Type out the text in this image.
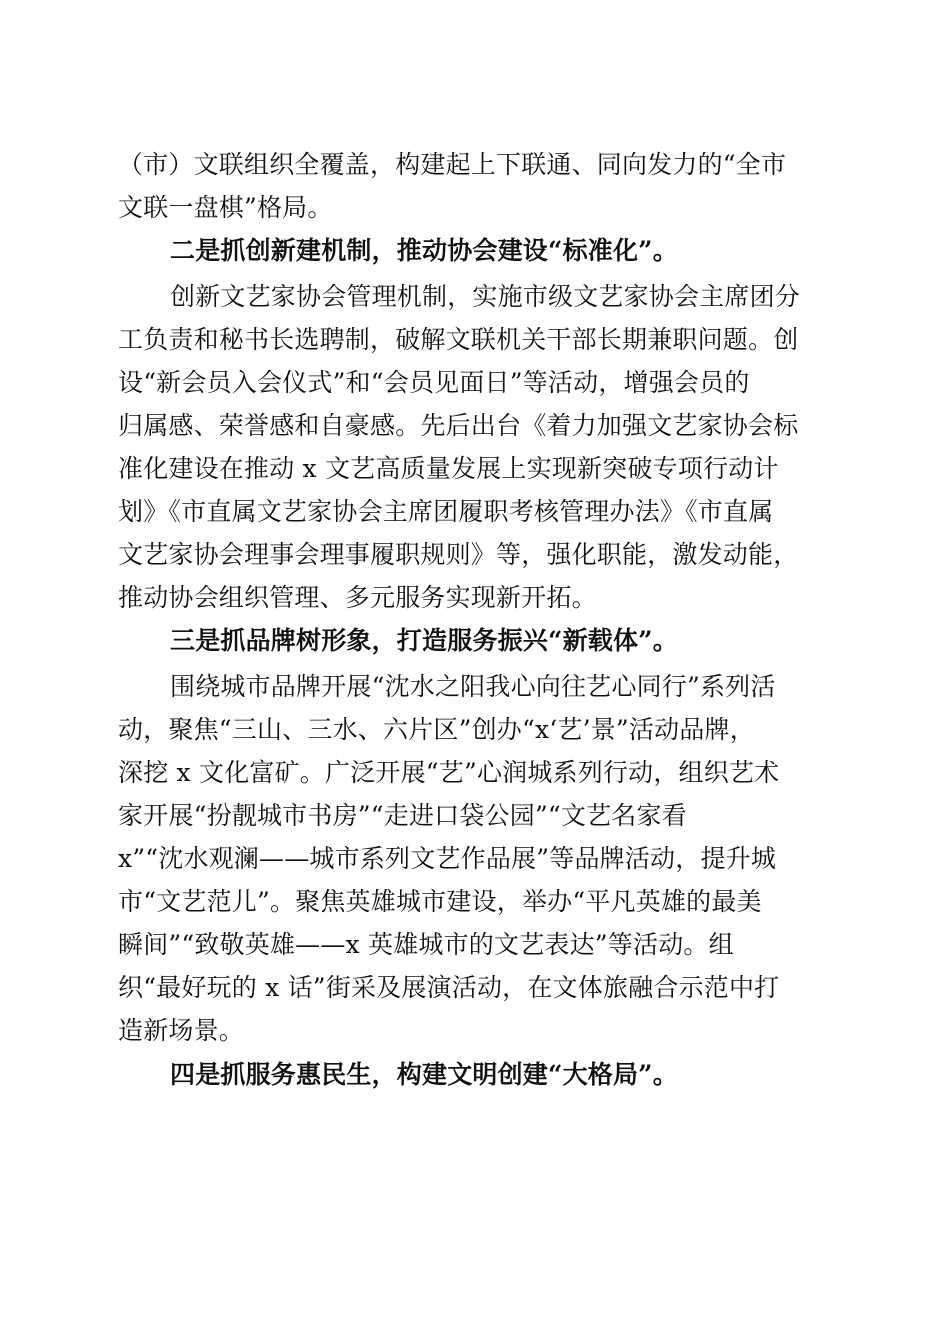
（市）文联组织全覆盖，构建起上下联通、同向发力的“全市
文联一盘棋”格局。
二是抓创新建机制，推动协会建设“标准化”。
创新文艺家协会管理机制，实施市级文艺家协会主席团分
工负责和秘书长选聘制，破解文联机关干部长期兼职问题。创
设“新会员入会仪式”和“会员见面日”等活动，增强会员的
归属感、荣誉感和自豪感。先后出台《着力加强文艺家协会标
准化建设在推动 x 文艺高质量发展上实现新突破专项行动计
划》《市直属文艺家协会主席团履职考核管理办法》《市直属
文艺家协会理事会理事履职规则》等，强化职能，激发动能，
推动协会组织管理、多元服务实现新开拓。
三是抓品牌树形象，打造服务振兴“新载体”。
围绕城市品牌开展“沈水之阳我心向往艺心同行”系列活
动，聚焦“三山、三水、六片区”创办“x‘艺’景”活动品牌，
深挖 x 文化富矿。广泛开展“艺”心润城系列行动，组织艺术
家开展“扮靓城市书房”“走进口袋公园”“文艺名家看
x”“沈水观澜——城市系列文艺作品展”等品牌活动，提升城
市“文艺范儿”。聚焦英雄城市建设，举办“平凡英雄的最美
瞬间”“致敬英雄——x 英雄城市的文艺表达”等活动。组
织“最好玩的 x 话”街采及展演活动，在文体旅融合示范中打
造新场景。
四是抓服务惠民生，构建文明创建“大格局”。
